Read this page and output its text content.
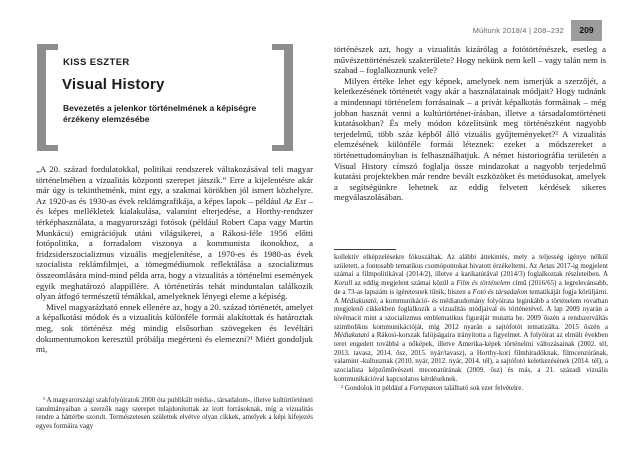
Múltunk 2018/4 | 208–232	209
KISS ESZTER
Visual History
Bevezetés a jelenkor történelmének a képiségre érzékeny elemzésébe

„A 20. század fordulatokkal, politikai rendszerek váltakozásával teli magyar történelmében a vizualitás központi szerepet játszik.” Erre a kijelentésre akár már úgy is tekinthetnénk, mint egy, a szakmai körökben jól ismert közhelyre. Az 1920-as és 1930-as évek reklámgrafikája, a képes lapok – például Az Est – és képes mellékletek kialakulása, valamint elterjedése, a Horthy-rendszer térképhasználata, a magyarországi fotósok (például Robert Capa vagy Martin Munkácsi) emigrációjuk utáni világsikerei, a Rákosi-féle 1956 előtti fotópolitika, a forradalom viszonya a kommunista ikonokhoz, a fridzsiderszocializmus vizuális megjelenítése, a 1970-es és 1980-as évek szocialista reklámfilmjei, a tömegmédiumok reflektálása a szocializmus összeomlására mind-mind példa arra, hogy a vizualitás a történelmi események egyik meghatározó alappillére. A történetírás tehát minduntalan találkozik olyan átfogó természetű témákkal, amelyeknek lényegi eleme a képiség.

Mivel magyarázható ennek ellenére az, hogy a 20. század történetét, amelyet a képalkotási módok és a vizualitás különféle formái alakítottak és határoztak meg, sok történész még mindig elsősorban szövegeken és levéltári dokumentumokon keresztül próbálja megérteni és elemezni?¹ Miért gondoljuk mi,

¹ A magyarországi szakfolyóiratok 2000 óta publikált média-, társadalom-, illetve kultúrtörténeti tanulmányaiban a szerzők nagy szerepet tulajdonítottak az írott forrásoknak, míg a vizualitás rendre a háttérbe szorult. Természetesen születtek elvétve olyan cikkek, amelyek a képi kifejezés egyes formáira vagy

történészek azt, hogy a vizualitás kizárólag a fotótörténészek, esetleg a művészettörténészek szakterülete? Hogy nekünk nem kell – vagy talán nem is szabad – foglalkoznunk vele?

Milyen értéke lehet egy képnek, amelynek nem ismerjük a szerzőjét, a keletkezésének történetét vagy akár a használatainak módjait? Hogy tudnánk a mindennapi történelem forrásainak – a privát képalkotás formáinak – még jobban hasznát venni a kultúrtörténet-írásban, illetve a társadalomtörténeti kutatásokban? És mely módon közelítsünk meg történészként nagyobb terjedelmű, több száz képből álló vizuális gyűjteményeket?² A vizualitás elemzésének különféle formái léteznek: ezeket a módszereket a történettudományban is felhasználhatjuk. A német historiográfia területén a Visual History címszó foglalja össze mindazokat a nagyobb terjedelmű kutatási projektekben már rendre bevált eszközöket és metódusokat, amelyek a segítségünkre lehetnek az eddig felvetett kérdések sikeres megválaszolásában.

kollektív elképzelésekre fókuszáltak. Az alábbi áttekintés, mely a teljesség igénye nélkül született, a fontosabb tematikus csomópontokat hivatott érzékeltetni. Az Aetas 2017-ig megjelent számai a filmpolitikával (2014/2), illetve a karikatúrával (2014/3) foglalkoztak részleteiben. A Korall az eddig megjelent számai közül a Film és történelem című (2016/65) a legrelevánsabb, de a 73-as lapszám is ígéretesnek tűnik, hiszen a Fotó és társadalom tematikáját fogja körüljárni. A Médiakutató, a kommunikáció- és médiatudomány folyóirata leginkább a történelem rovatban megjelenő cikkekben foglalkozik a vizualitás módjaival és történetével. A lap 2009 nyarán a tévémacit mint a szocializmus emblematikus figuráját mutatta be. 2009 őszén a rendszerváltás szimbolikus kommunikációját, míg 2012 nyarán a sajtófotót tematizálta. 2015 őszén a Médiakutató a Rákosi-korszak falújságaira irányította a figyelmet. A folyóirat az elmúlt években teret engedett továbbá a nőképek, illetve Amerika-képek történelmi változásainak (2002. tél, 2013. tavasz, 2014. ősz, 2015. nyár/tavasz), a Horthy-kori filmhíradóknak, filmcenzúrának, valamint -kultusznak (2010. nyár, 2012. nyár, 2014. tél), a sajtófotó keletkezésének (2014. tél), a szocialista képzőművészeti mecenatúrának (2009. ősz) és más, a 21. századi vizuális kommunikációval kapcsolatos kérdéseknek.

² Gondolok itt például a Fortepanon található sok ezer felvételre.
